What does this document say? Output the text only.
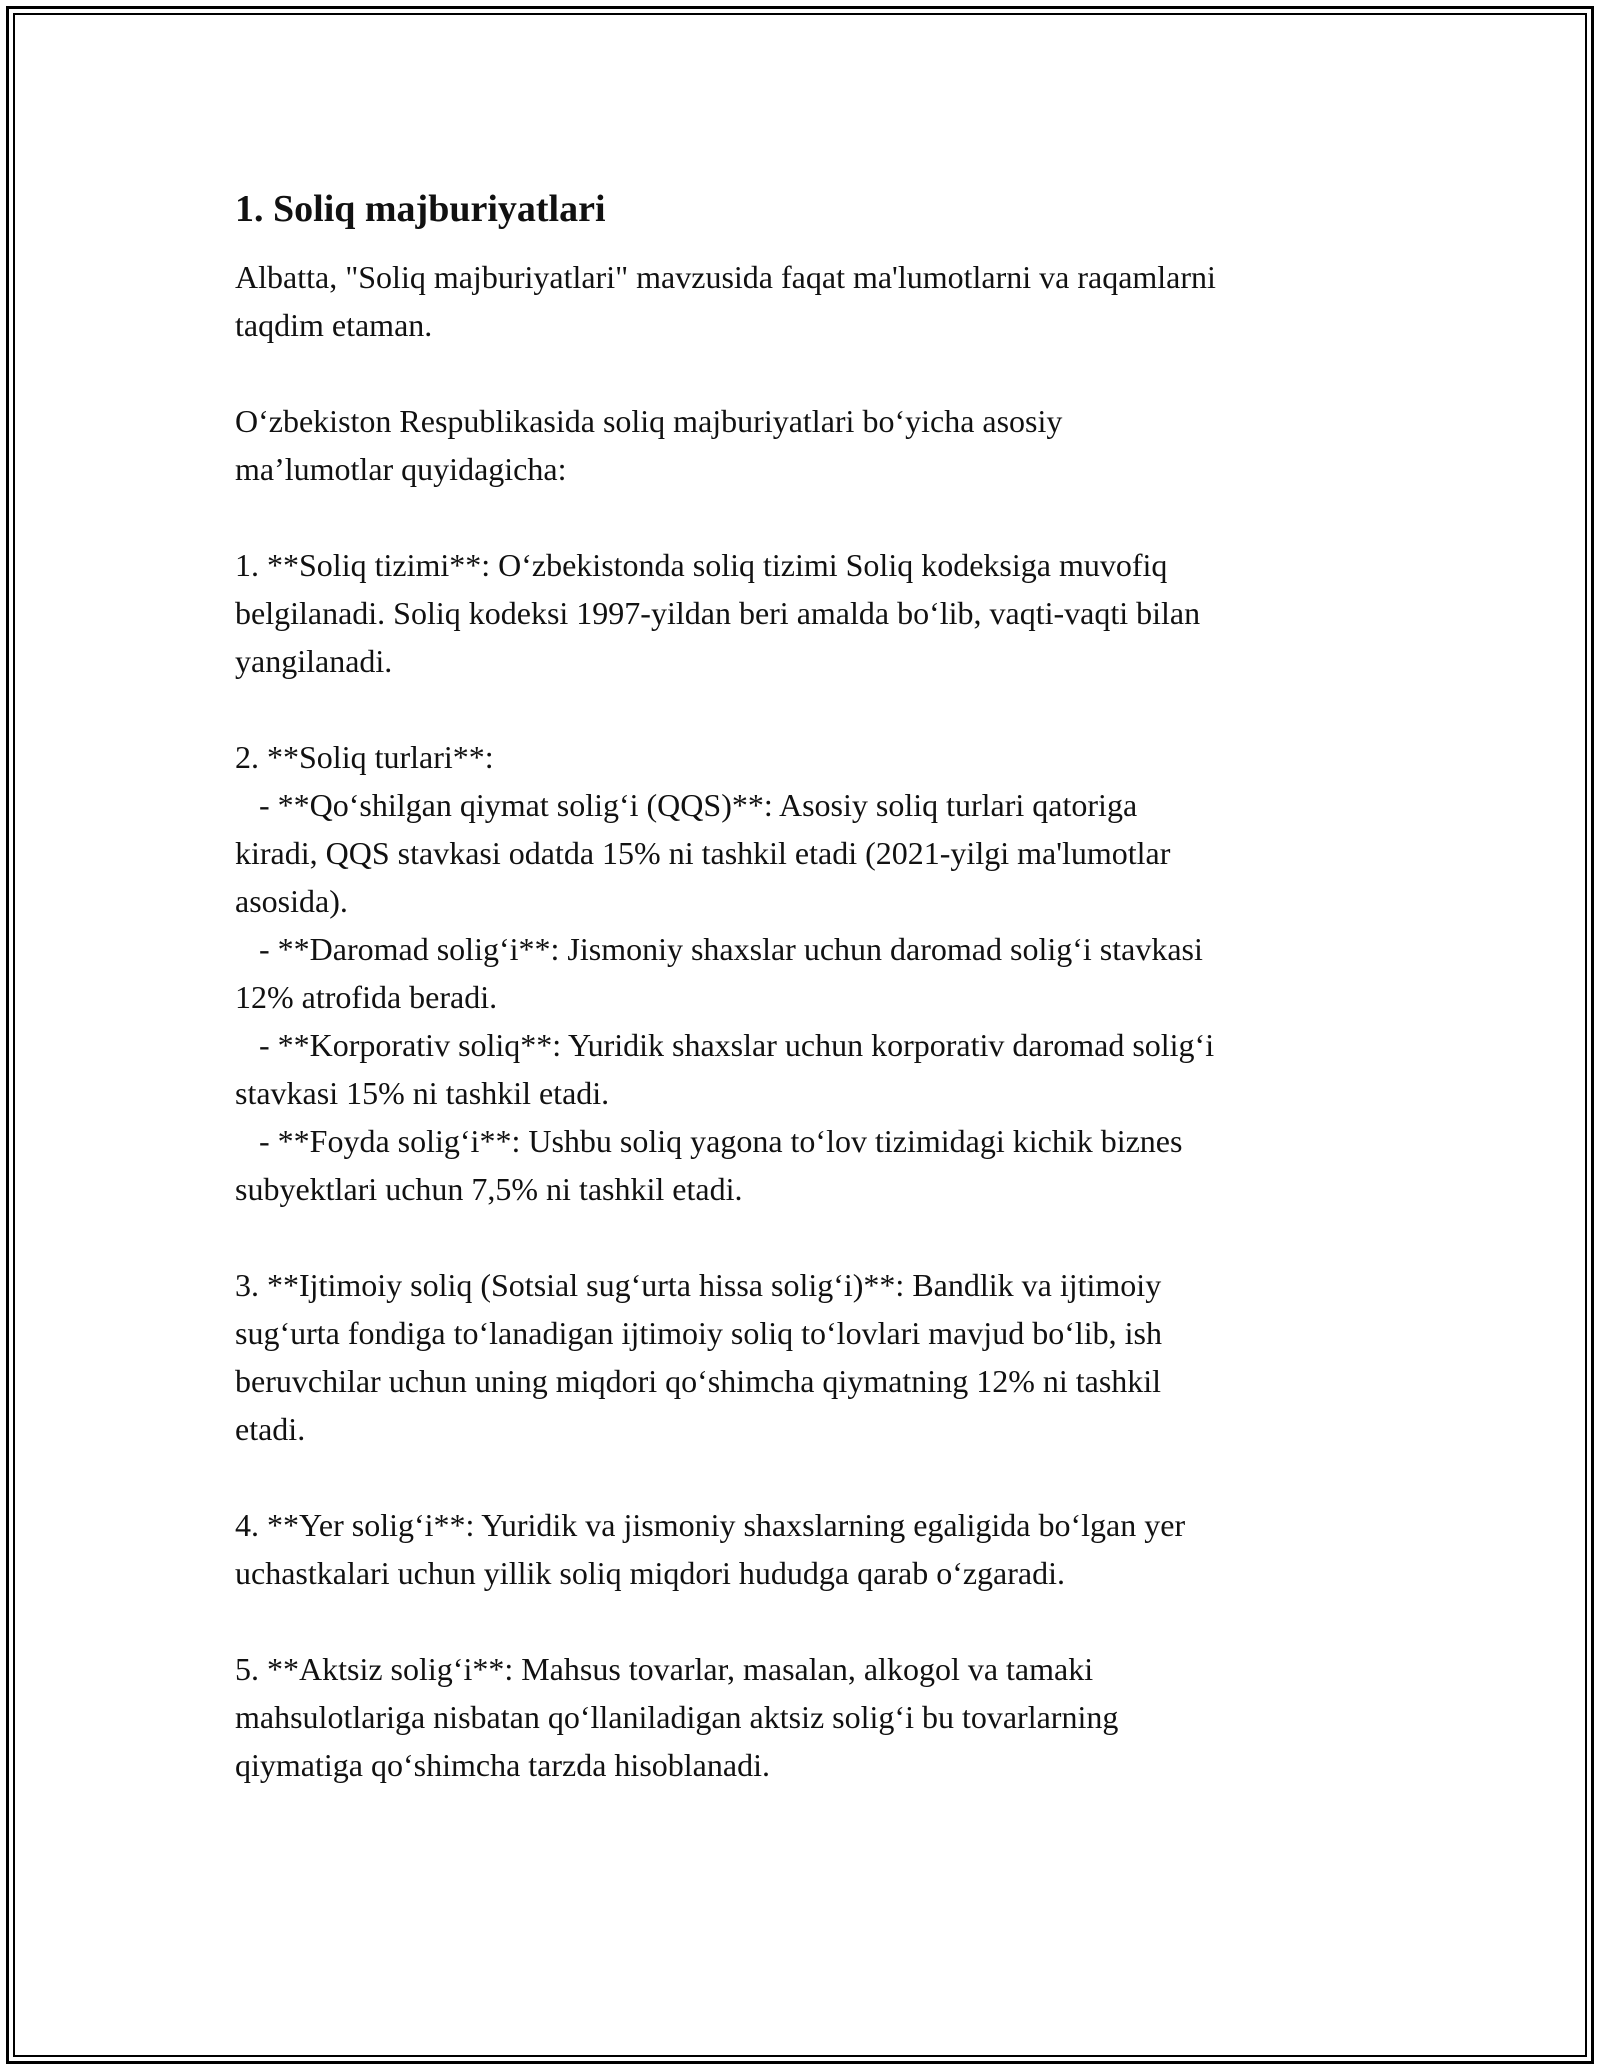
1. Soliq majburiyatlari
Albatta, "Soliq majburiyatlari" mavzusida faqat ma'lumotlarni va raqamlarni
taqdim etaman.
O‘zbekiston Respublikasida soliq majburiyatlari bo‘yicha asosiy
ma’lumotlar quyidagicha:
1. **Soliq tizimi**: O‘zbekistonda soliq tizimi Soliq kodeksiga muvofiq
belgilanadi. Soliq kodeksi 1997-yildan beri amalda bo‘lib, vaqti-vaqti bilan
yangilanadi.
2. **Soliq turlari**:
- **Qo‘shilgan qiymat solig‘i (QQS)**: Asosiy soliq turlari qatoriga
kiradi, QQS stavkasi odatda 15% ni tashkil etadi (2021-yilgi ma'lumotlar
asosida).
- **Daromad solig‘i**: Jismoniy shaxslar uchun daromad solig‘i stavkasi
12% atrofida beradi.
- **Korporativ soliq**: Yuridik shaxslar uchun korporativ daromad solig‘i
stavkasi 15% ni tashkil etadi.
- **Foyda solig‘i**: Ushbu soliq yagona to‘lov tizimidagi kichik biznes
subyektlari uchun 7,5% ni tashkil etadi.
3. **Ijtimoiy soliq (Sotsial sug‘urta hissa solig‘i)**: Bandlik va ijtimoiy
sug‘urta fondiga to‘lanadigan ijtimoiy soliq to‘lovlari mavjud bo‘lib, ish
beruvchilar uchun uning miqdori qo‘shimcha qiymatning 12% ni tashkil
etadi.
4. **Yer solig‘i**: Yuridik va jismoniy shaxslarning egaligida bo‘lgan yer
uchastkalari uchun yillik soliq miqdori hududga qarab o‘zgaradi.
5. **Aktsiz solig‘i**: Mahsus tovarlar, masalan, alkogol va tamaki
mahsulotlariga nisbatan qo‘llaniladigan aktsiz solig‘i bu tovarlarning
qiymatiga qo‘shimcha tarzda hisoblanadi.
